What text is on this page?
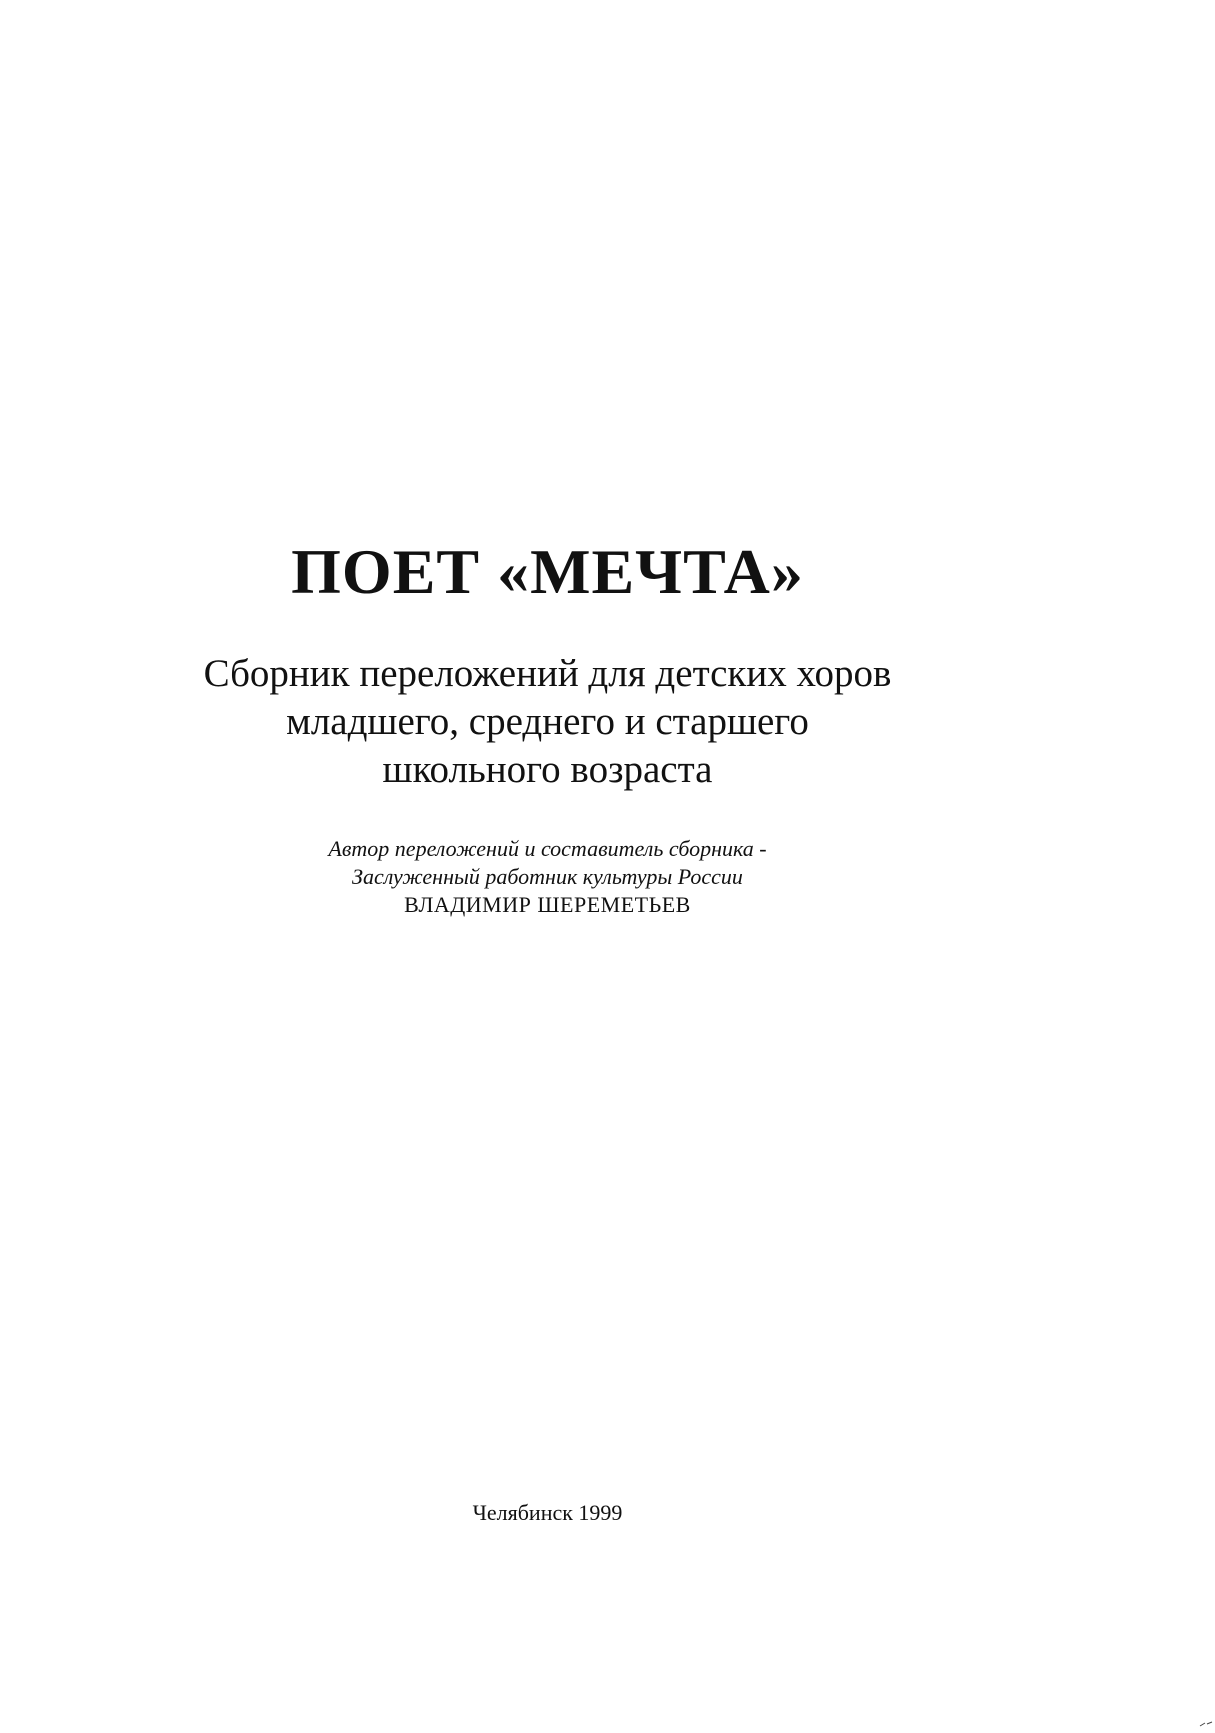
ПОЕТ «МЕЧТА»
Сборник переложений для детских хоров
младшего, среднего и старшего
школьного возраста
Автор переложений и составитель сборника -
Заслуженный работник культуры России
ВЛАДИМИР ШЕРЕМЕТЬЕВ
Челябинск 1999
